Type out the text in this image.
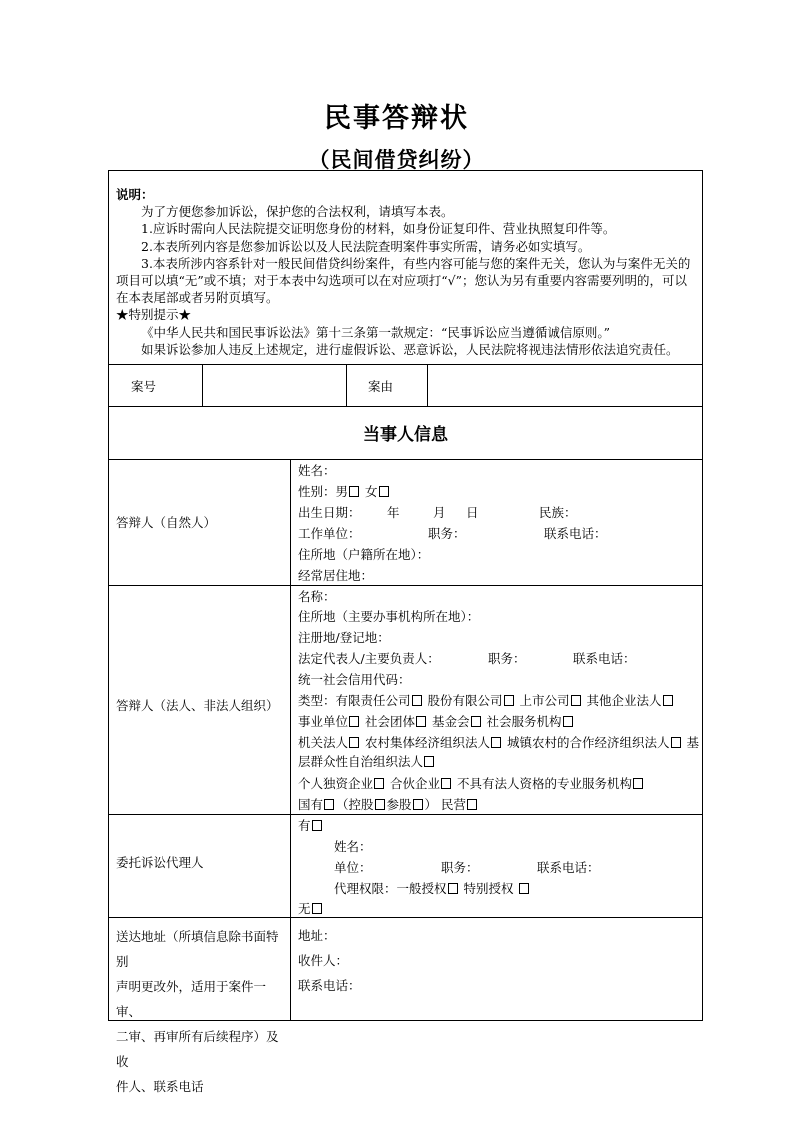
民事答辩状
（民间借贷纠纷）
说明：
为了方便您参加诉讼，保护您的合法权利，请填写本表。
1.应诉时需向人民法院提交证明您身份的材料，如身份证复印件、营业执照复印件等。
2.本表所列内容是您参加诉讼以及人民法院查明案件事实所需，请务必如实填写。
3.本表所涉内容系针对一般民间借贷纠纷案件，有些内容可能与您的案件无关，您认为与案件无关的项目可以填“无”或不填；对于本表中勾选项可以在对应项打“√”；您认为另有重要内容需要列明的，可以在本表尾部或者另附页填写。
★特别提示★
《中华人民共和国民事诉讼法》第十三条第一款规定：“民事诉讼应当遵循诚信原则。”
如果诉讼参加人违反上述规定，进行虚假诉讼、恶意诉讼，人民法院将视违法情形依法追究责任。
案号	案由
当事人信息
答辩人（自然人）
姓名：
性别：男 女
出生日期： 年	月 日	民族：
工作单位：	职务：	联系电话：
住所地（户籍所在地）：
经常居住地：
答辩人（法人、非法人组织）
名称：
住所地（主要办事机构所在地）：
注册地/登记地：
法定代表人/主要负责人：	职务：	联系电话：
统一社会信用代码：
类型：有限责任公司 股份有限公司 上市公司 其他企业法人
事业单位 社会团体 基金会 社会服务机构
机关法人 农村集体经济组织法人 城镇农村的合作经济组织法人 基
层群众性自治组织法人
个人独资企业 合伙企业 不具有法人资格的专业服务机构
国有 （控股 参股 ） 民营
委托诉讼代理人
有
姓名：
单位：	职务：	联系电话：
代理权限：一般授权 特别授权
无
送达地址（所填信息除书面特别
声明更改外，适用于案件一审、
二审、再审所有后续程序）及收
件人、联系电话
地址：
收件人：
联系电话：
